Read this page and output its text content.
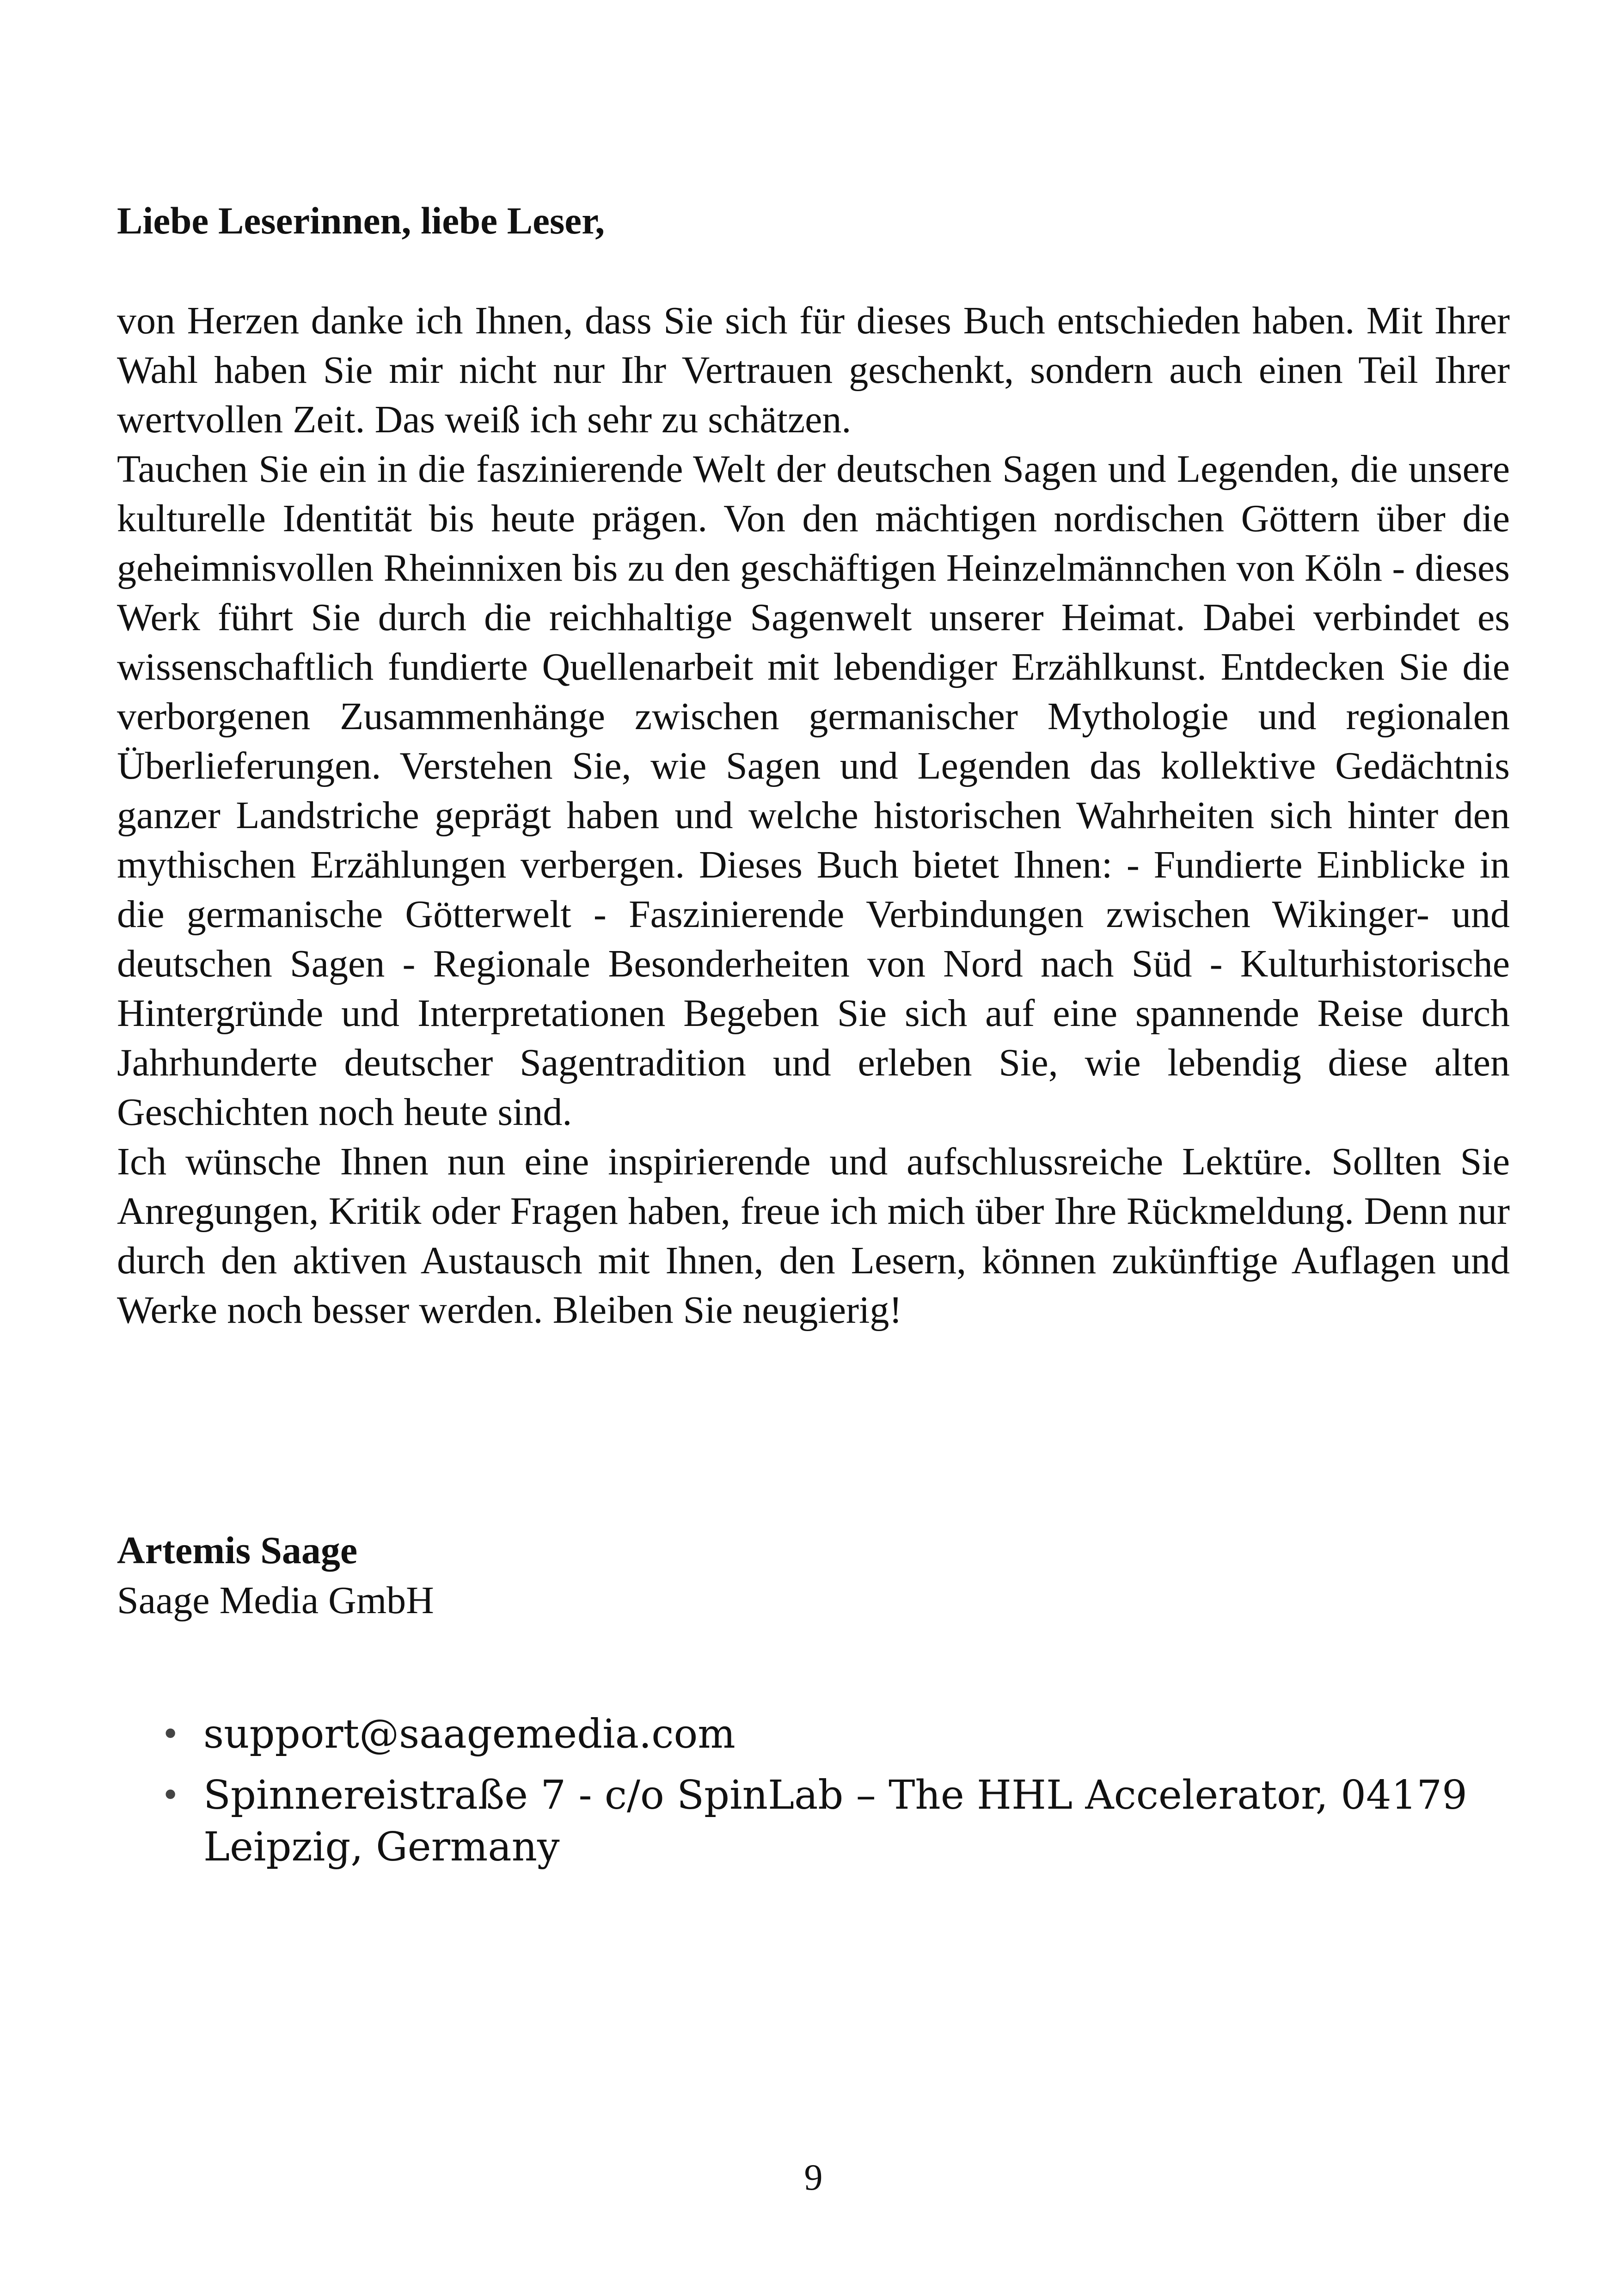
Liebe Leserinnen, liebe Leser,

von Herzen danke ich Ihnen, dass Sie sich für dieses Buch entschieden haben. Mit Ihrer Wahl haben Sie mir nicht nur Ihr Vertrauen geschenkt, sondern auch einen Teil Ihrer wertvollen Zeit. Das weiß ich sehr zu schätzen.

Tauchen Sie ein in die faszinierende Welt der deutschen Sagen und Legenden, die unsere kulturelle Identität bis heute prägen. Von den mächtigen nordischen Göttern über die geheimnisvollen Rheinnixen bis zu den geschäftigen Heinzelmännchen von Köln - dieses Werk führt Sie durch die reichhaltige Sagenwelt unserer Heimat. Dabei verbindet es wissenschaftlich fundierte Quellenarbeit mit lebendiger Erzählkunst. Entdecken Sie die verborgenen Zusammenhänge zwischen germanischer Mythologie und regionalen Überlieferungen. Verstehen Sie, wie Sagen und Legenden das kollektive Gedächtnis ganzer Landstriche geprägt haben und welche historischen Wahrheiten sich hinter den mythischen Erzählungen verbergen. Dieses Buch bietet Ihnen: - Fundierte Einblicke in die germanische Götterwelt - Faszinierende Verbindungen zwischen Wikinger- und deutschen Sagen - Regionale Besonderheiten von Nord nach Süd - Kulturhistorische Hintergründe und Interpretationen Begeben Sie sich auf eine spannende Reise durch Jahrhunderte deutscher Sagentradition und erleben Sie, wie lebendig diese alten Geschichten noch heute sind.

Ich wünsche Ihnen nun eine inspirierende und aufschlussreiche Lektüre. Sollten Sie Anregungen, Kritik oder Fragen haben, freue ich mich über Ihre Rückmeldung. Denn nur durch den aktiven Austausch mit Ihnen, den Lesern, können zukünftige Auflagen und Werke noch besser werden. Bleiben Sie neugierig!

Artemis Saage
Saage Media GmbH
• support@saagemedia.com
• Spinnereistraße 7 - c/o SpinLab – The HHL Accelerator, 04179 Leipzig, Germany

9
